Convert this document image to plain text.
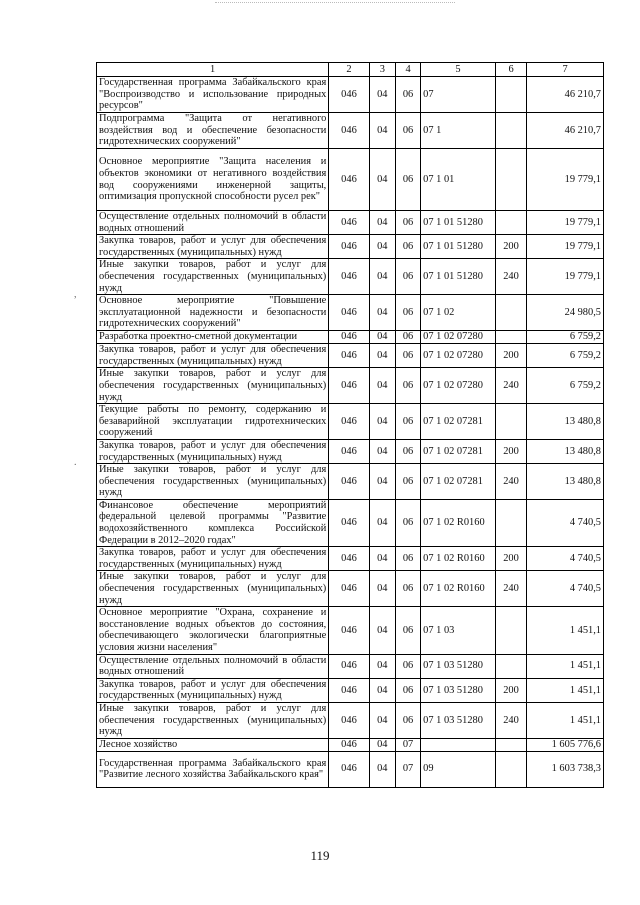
,
.
1	2	3	4	5	6	7
Государственная программа Забайкальского края "Воспроизводство и использование природных ресурсов"	046	04	06	07		46 210,7
Подпрограмма "Защита от негативного воздействия вод и обеспечение безопасности гидротехнических сооружений"	046	04	06	07 1		46 210,7
Основное мероприятие "Защита населения и объектов экономики от негативного воздействия вод сооружениями инженерной защиты, оптимизация пропускной способности русел рек"	046	04	06	07 1 01		19 779,1
Осуществление отдельных полномочий в области водных отношений	046	04	06	07 1 01 51280		19 779,1
Закупка товаров, работ и услуг для обеспечения государственных (муниципальных) нужд	046	04	06	07 1 01 51280	200	19 779,1
Иные закупки товаров, работ и услуг для обеспечения государственных (муниципальных) нужд	046	04	06	07 1 01 51280	240	19 779,1
Основное мероприятие "Повышение эксплуатационной надежности и безопасности гидротехнических сооружений"	046	04	06	07 1 02		24 980,5
Разработка проектно-сметной документации	046	04	06	07 1 02 07280		6 759,2
Закупка товаров, работ и услуг для обеспечения государственных (муниципальных) нужд	046	04	06	07 1 02 07280	200	6 759,2
Иные закупки товаров, работ и услуг для обеспечения государственных (муниципальных) нужд	046	04	06	07 1 02 07280	240	6 759,2
Текущие работы по ремонту, содержанию и безаварийной эксплуатации гидротехнических сооружений	046	04	06	07 1 02 07281		13 480,8
Закупка товаров, работ и услуг для обеспечения государственных (муниципальных) нужд	046	04	06	07 1 02 07281	200	13 480,8
Иные закупки товаров, работ и услуг для обеспечения государственных (муниципальных) нужд	046	04	06	07 1 02 07281	240	13 480,8
Финансовое обеспечение мероприятий федеральной целевой программы "Развитие водохозяйственного комплекса Российской Федерации в 2012–2020 годах"	046	04	06	07 1 02 R0160		4 740,5
Закупка товаров, работ и услуг для обеспечения государственных (муниципальных) нужд	046	04	06	07 1 02 R0160	200	4 740,5
Иные закупки товаров, работ и услуг для обеспечения государственных (муниципальных) нужд	046	04	06	07 1 02 R0160	240	4 740,5
Основное мероприятие "Охрана, сохранение и восстановление водных объектов до состояния, обеспечивающего экологически благоприятные условия жизни населения"	046	04	06	07 1 03		1 451,1
Осуществление отдельных полномочий в области водных отношений	046	04	06	07 1 03 51280		1 451,1
Закупка товаров, работ и услуг для обеспечения государственных (муниципальных) нужд	046	04	06	07 1 03 51280	200	1 451,1
Иные закупки товаров, работ и услуг для обеспечения государственных (муниципальных) нужд	046	04	06	07 1 03 51280	240	1 451,1
Лесное хозяйство	046	04	07			1 605 776,6
Государственная программа Забайкальского края "Развитие лесного хозяйства Забайкальского края"	046	04	07	09		1 603 738,3
119
